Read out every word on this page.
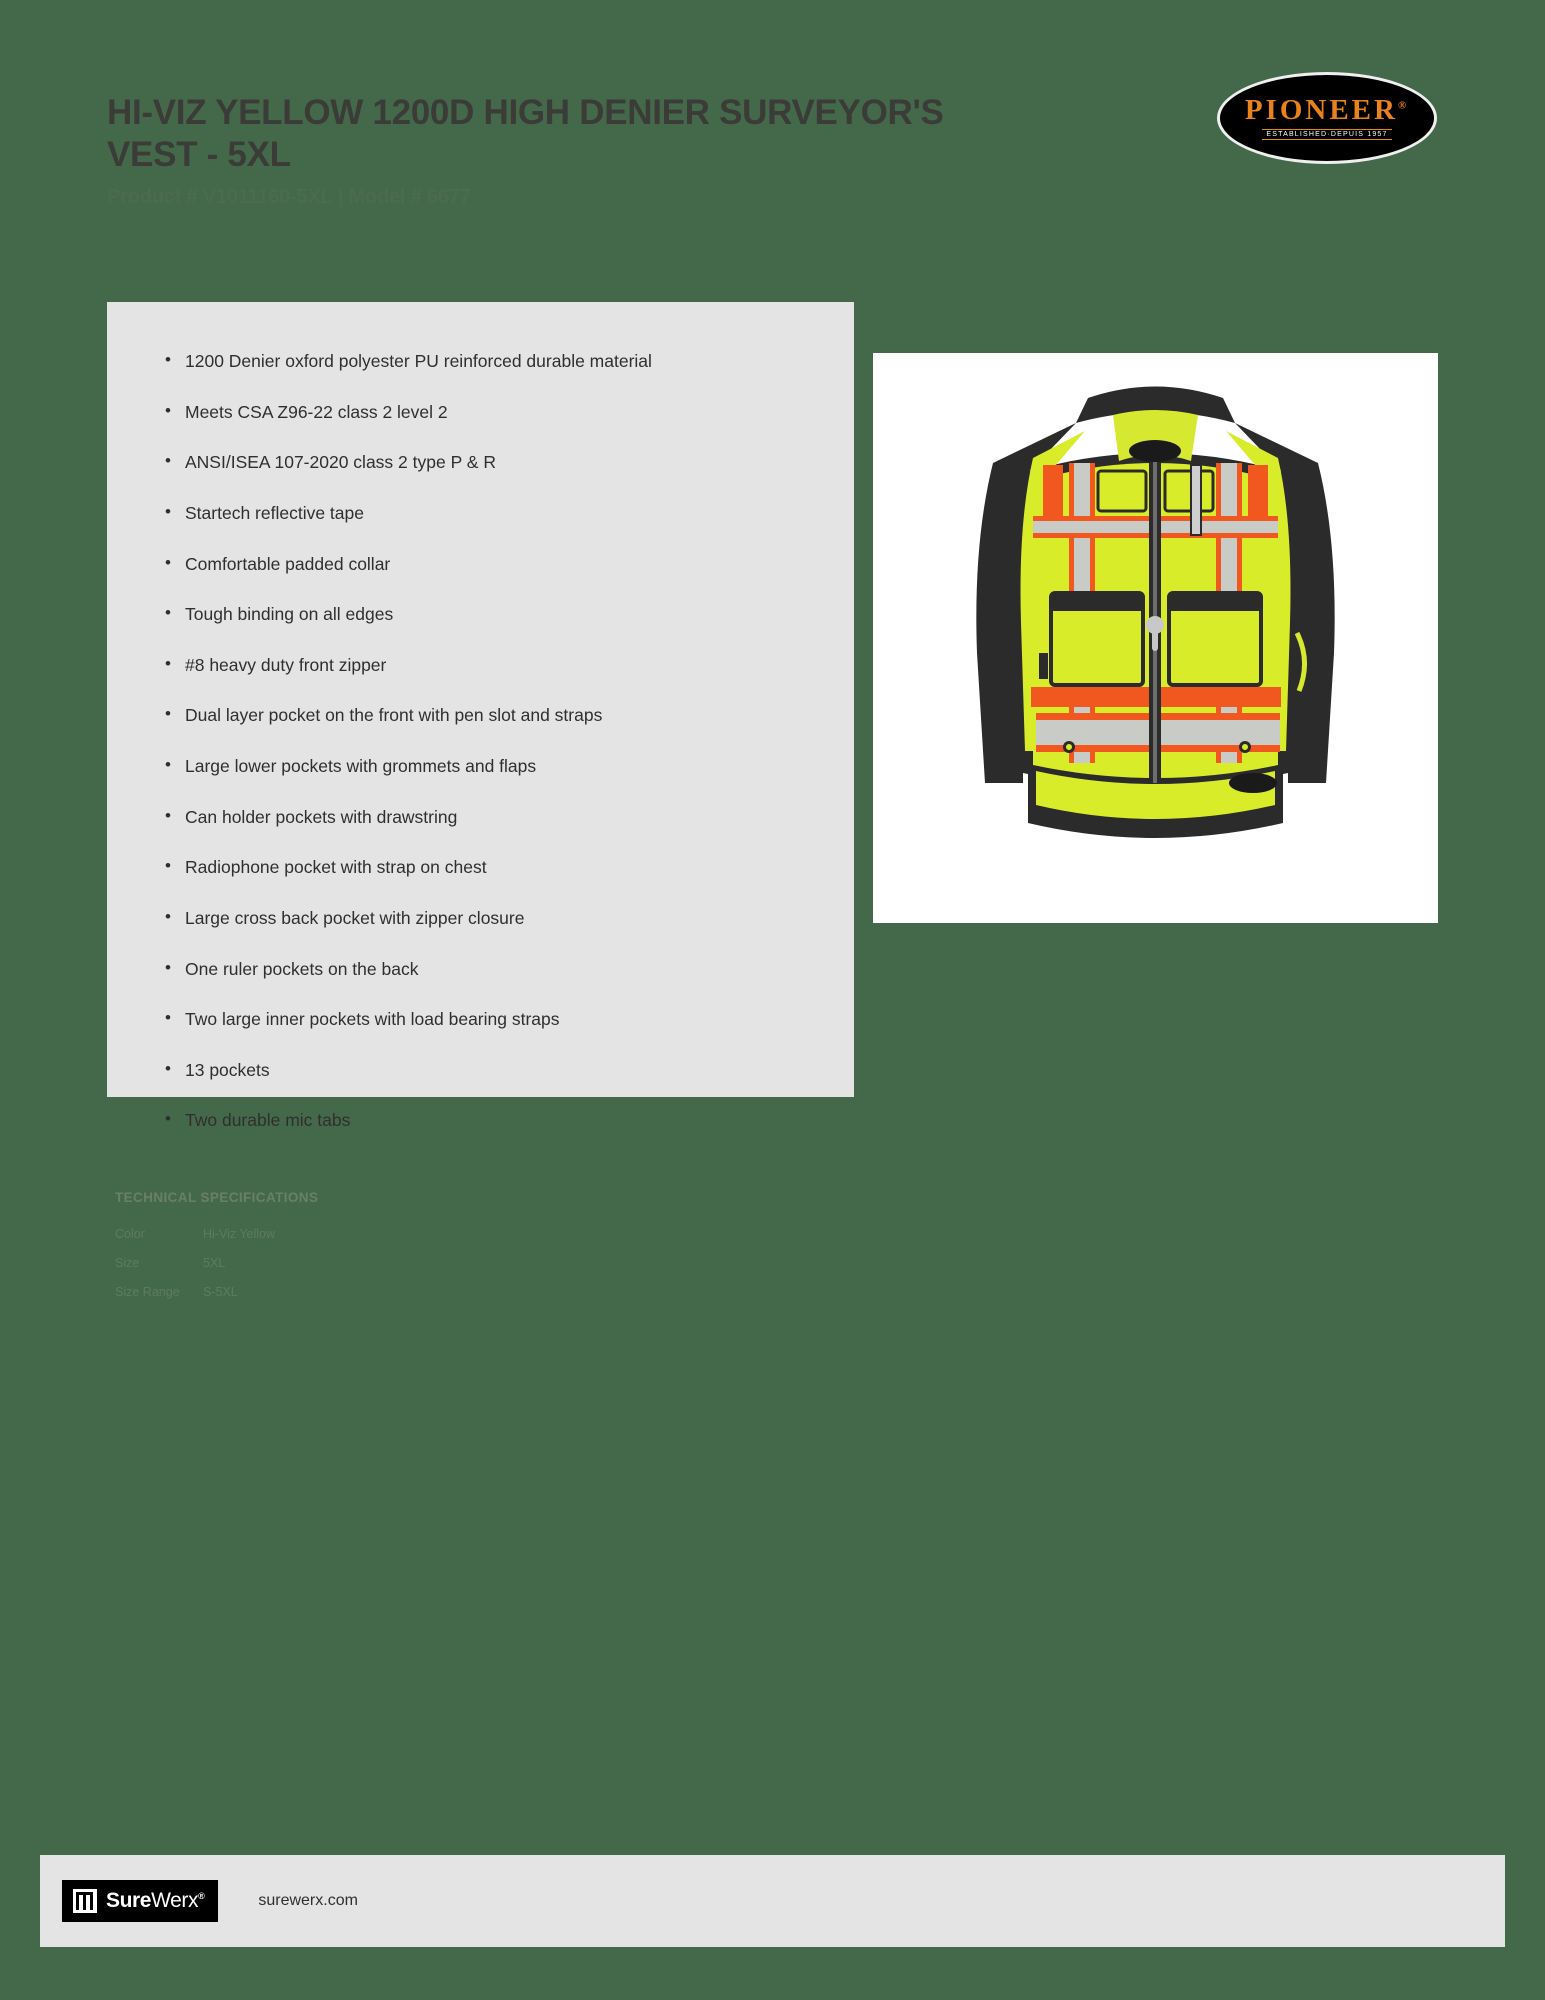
HI-VIZ YELLOW 1200D HIGH DENIER SURVEYOR'S VEST - 5XL
Product # V1011160-5XL | Model # 6677
PIONEER®
ESTABLISHED·DEPUIS 1957
• 1200 Denier oxford polyester PU reinforced durable material
• Meets CSA Z96-22 class 2 level 2
• ANSI/ISEA 107-2020 class 2 type P & R
• Startech reflective tape
• Comfortable padded collar
• Tough binding on all edges
• #8 heavy duty front zipper
• Dual layer pocket on the front with pen slot and straps
• Large lower pockets with grommets and flaps
• Can holder pockets with drawstring
• Radiophone pocket with strap on chest
• Large cross back pocket with zipper closure
• One ruler pockets on the back
• Two large inner pockets with load bearing straps
• 13 pockets
• Two durable mic tabs
TECHNICAL SPECIFICATIONS
Color	Hi-Viz Yellow
Size	5XL
Size Range	S-5XL
SureWerx®	surewerx.com
